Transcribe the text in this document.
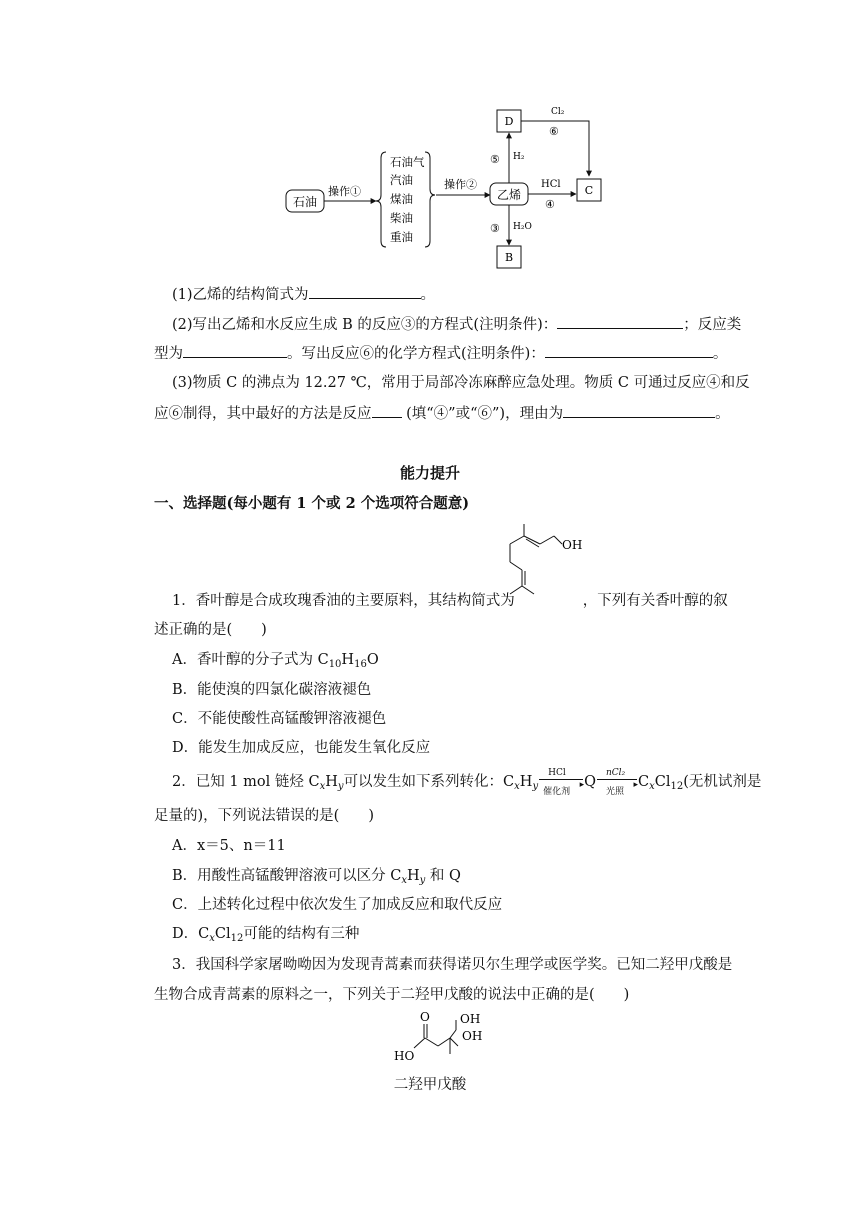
石油
操作①
石油气
汽油
煤油
柴油
重油
操作②
乙烯
⑤ H₂
D
Cl₂
⑥
HCl
④
C
③ H₂O
B
(1)乙烯的结构简式为	。
(2)写出乙烯和水反应生成 B 的反应③的方程式(注明条件)：	；反应类
型为	。写出反应⑥的化学方程式(注明条件)：	。
(3)物质 C 的沸点为 12.27 ℃，常用于局部冷冻麻醉应急处理。物质 C 可通过反应④和反
应⑥制得，其中最好的方法是反应 (填“④”或“⑥”)，理由为	。
能力提升
一、选择题(每小题有 1 个或 2 个选项符合题意)
OH
1．香叶醇是合成玫瑰香油的主要原料，其结构简式为	，下列有关香叶醇的叙
述正确的是(　　)
A．香叶醇的分子式为 $C_{10}H_{16}O$
B．能使溴的四氯化碳溶液褪色
C．不能使酸性高锰酸钾溶液褪色
D．能发生加成反应，也能发生氧化反应
2．已知 1 mol 链烃 $C_xH_y$可以发生如下系列转化：$C_xH_y$
HCl
▸
催化剂
Q
nCl₂
▸
光照
$C_xCl_{12}$(无机试剂是
足量的)，下列说法错误的是(　　)
A．x＝5、n＝11
B．用酸性高锰酸钾溶液可以区分 $C_xH_y$ 和 Q
C．上述转化过程中依次发生了加成反应和取代反应
D．$C_xCl_{12}$可能的结构有三种
3．我国科学家屠呦呦因为发现青蒿素而获得诺贝尔生理学或医学奖。已知二羟甲戊酸是
生物合成青蒿素的原料之一，下列关于二羟甲戊酸的说法中正确的是(　　)
O	OH
OH
HO
二羟甲戊酸
